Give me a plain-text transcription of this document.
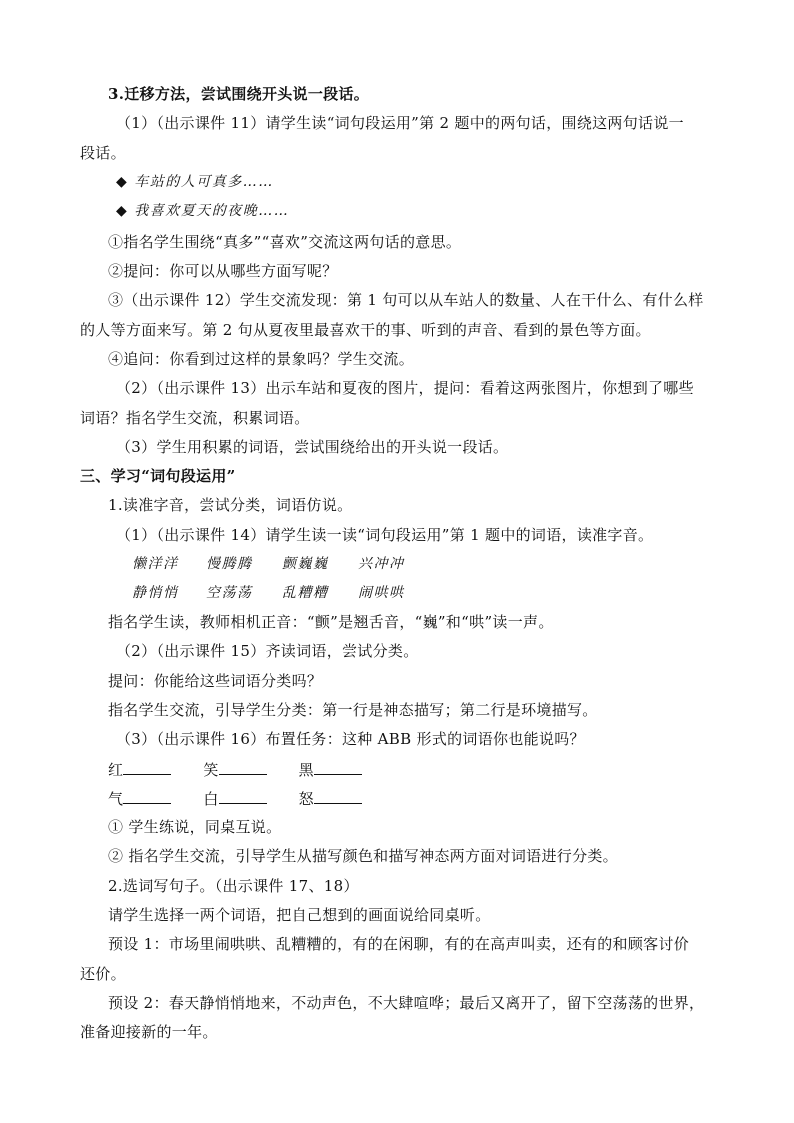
3.迁移方法，尝试围绕开头说一段话。
（1）（出示课件 11）请学生读“词句段运用”第 2 题中的两句话，围绕这两句话说一
段话。
◆ 车站的人可真多……
◆ 我喜欢夏天的夜晚……
①指名学生围绕“真多”“喜欢”交流这两句话的意思。
②提问：你可以从哪些方面写呢？
③（出示课件 12）学生交流发现：第 1 句可以从车站人的数量、人在干什么、有什么样
的人等方面来写。第 2 句从夏夜里最喜欢干的事、听到的声音、看到的景色等方面。
④追问：你看到过这样的景象吗？学生交流。
（2）（出示课件 13）出示车站和夏夜的图片，提问：看着这两张图片，你想到了哪些
词语？指名学生交流，积累词语。
（3）学生用积累的词语，尝试围绕给出的开头说一段话。
三、学习“词句段运用”
1.读准字音，尝试分类，词语仿说。
（1）（出示课件 14）请学生读一读“词句段运用”第 1 题中的词语，读准字音。
懒洋洋 慢腾腾 颤巍巍 兴冲冲
静悄悄 空荡荡 乱糟糟 闹哄哄
指名学生读，教师相机正音：“颤”是翘舌音，“巍”和“哄”读一声。
（2）（出示课件 15）齐读词语，尝试分类。
提问：你能给这些词语分类吗？
指名学生交流，引导学生分类：第一行是神态描写；第二行是环境描写。
（3）（出示课件 16）布置任务：这种 ABB 形式的词语你也能说吗？
红	笑	黑
气	白	怒
① 学生练说，同桌互说。
② 指名学生交流，引导学生从描写颜色和描写神态两方面对词语进行分类。
2.选词写句子。（出示课件 17、18）
请学生选择一两个词语，把自己想到的画面说给同桌听。
预设 1：市场里闹哄哄、乱糟糟的，有的在闲聊，有的在高声叫卖，还有的和顾客讨价
还价。
预设 2：春天静悄悄地来，不动声色，不大肆喧哗；最后又离开了，留下空荡荡的世界，
准备迎接新的一年。
